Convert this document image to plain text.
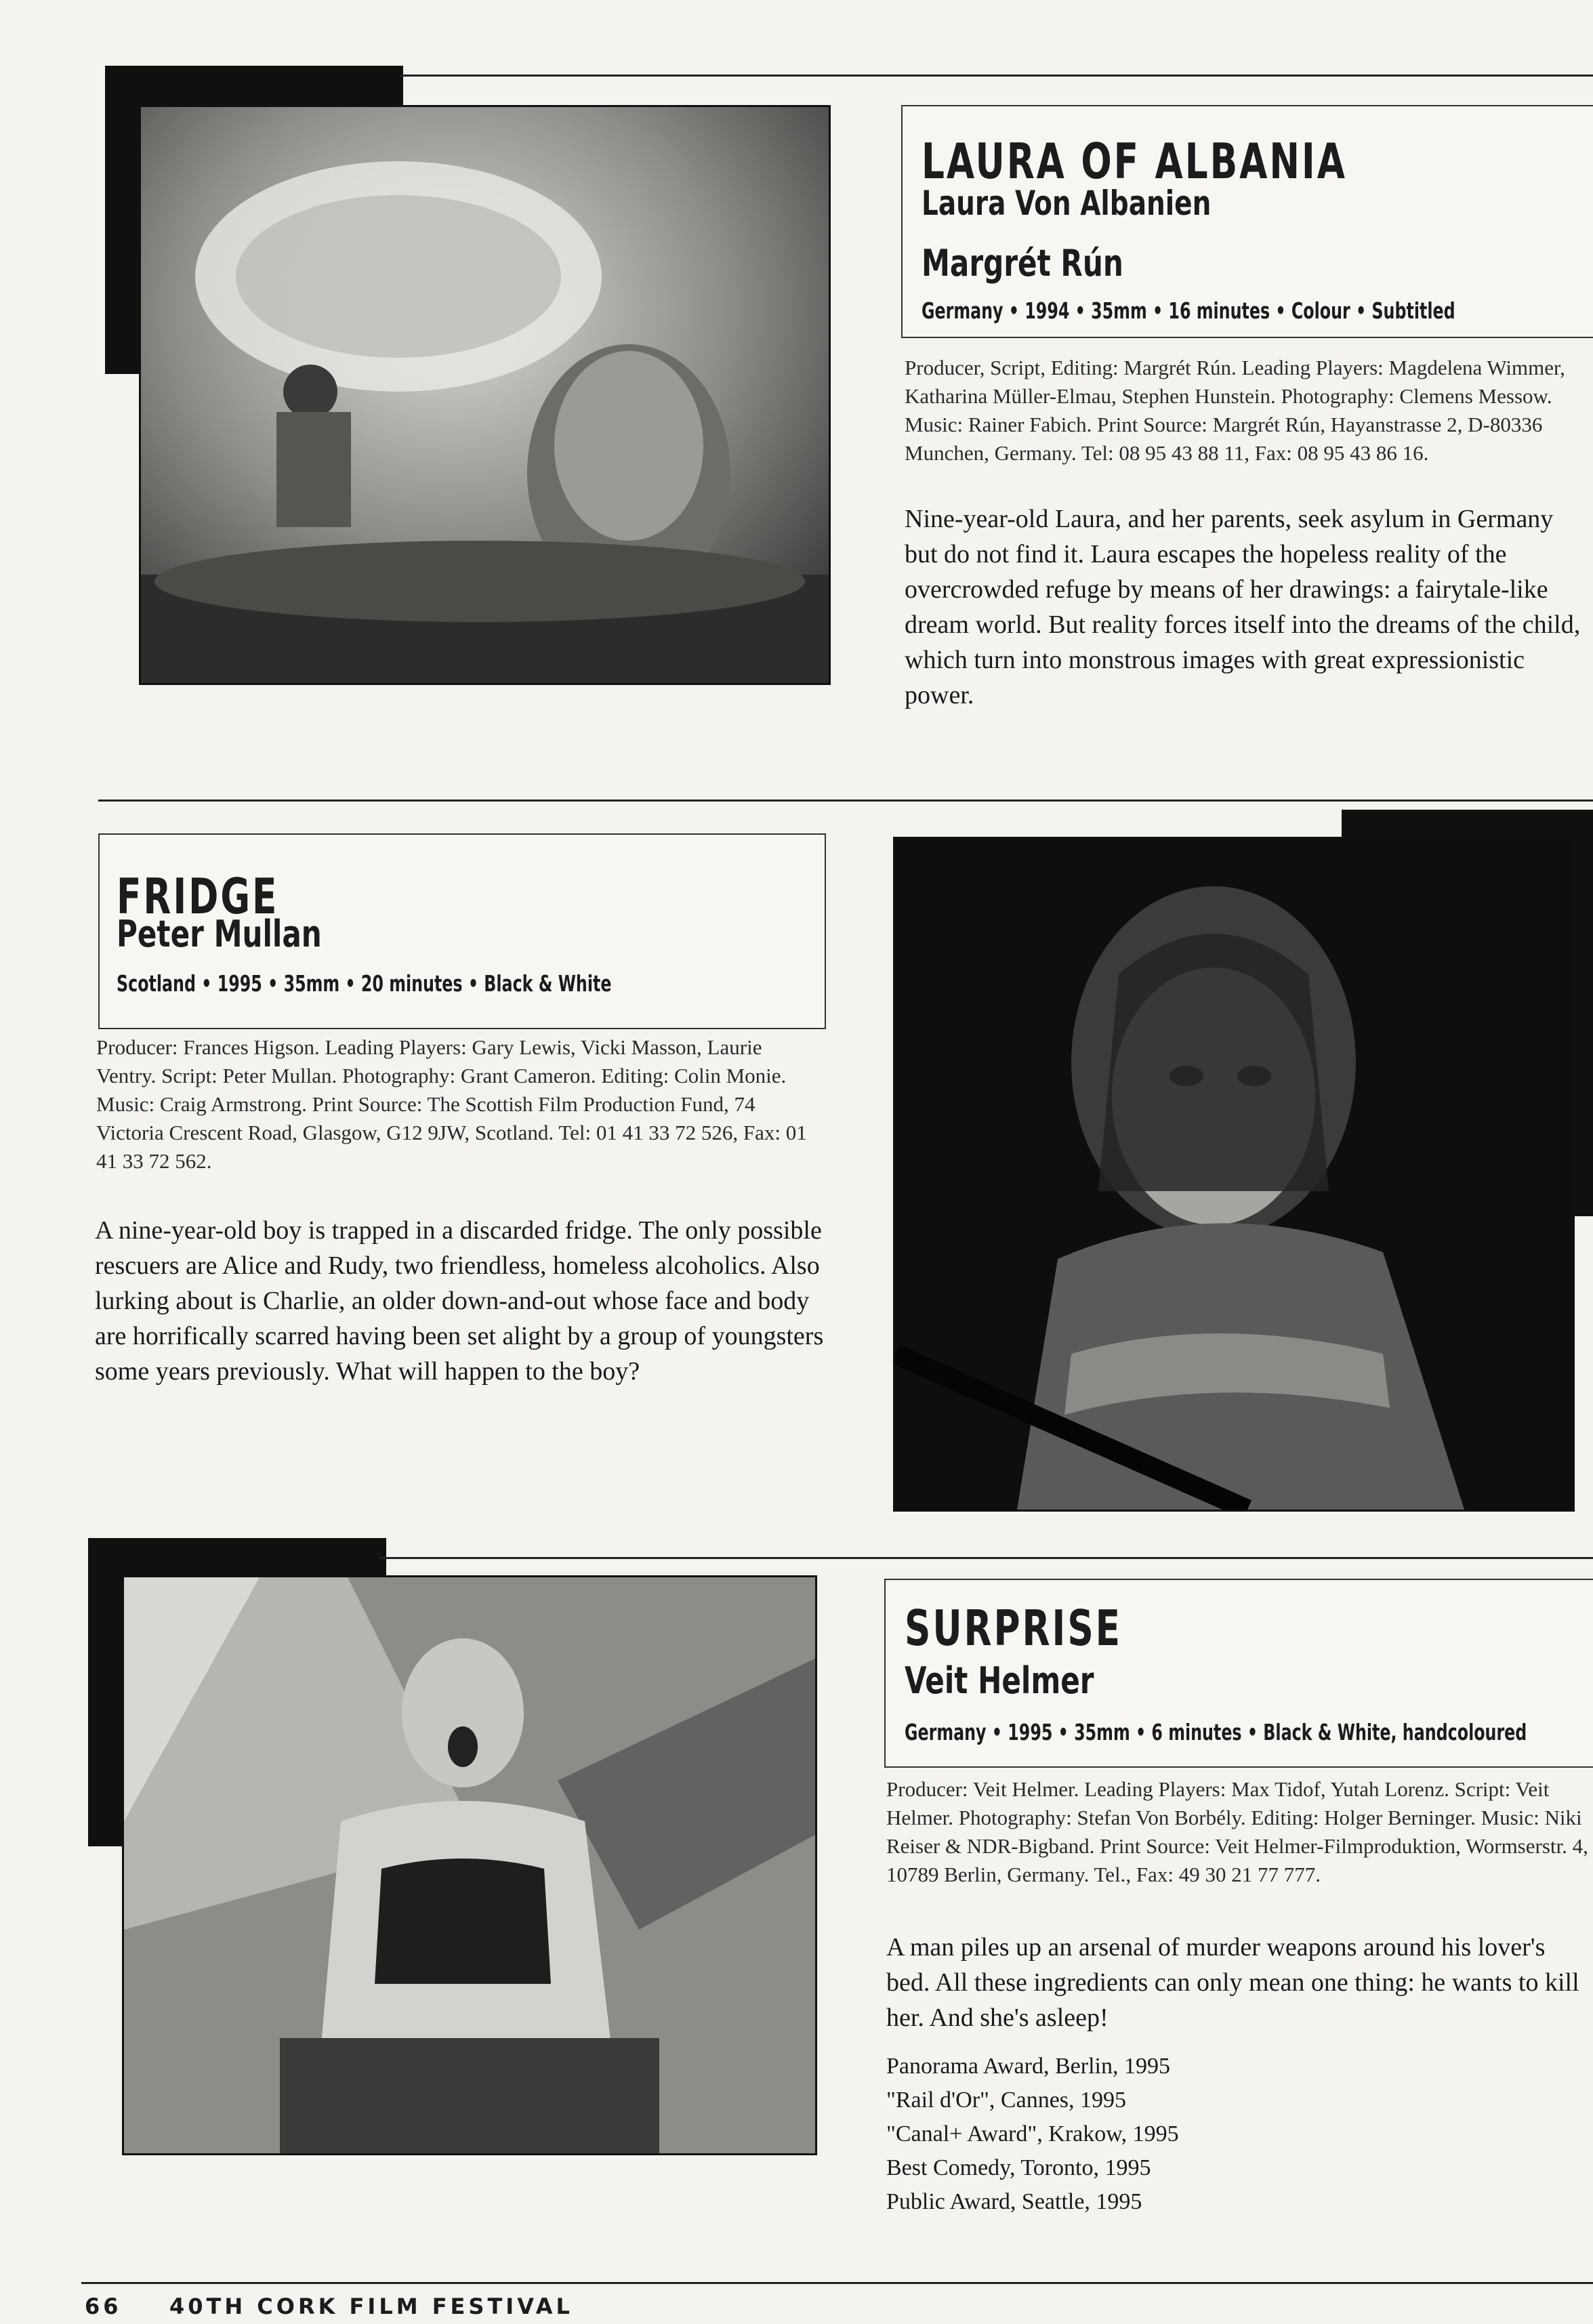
LAURA OF ALBANIA
Laura Von Albanien
Margrét Rún
Germany • 1994 • 35mm • 16 minutes • Colour • Subtitled
Producer, Script, Editing: Margrét Rún. Leading Players: Magdelena Wimmer, Katharina Müller-Elmau, Stephen Hunstein. Photography: Clemens Messow. Music: Rainer Fabich. Print Source: Margrét Rún, Hayanstrasse 2, D-80336 Munchen, Germany. Tel: 08 95 43 88 11, Fax: 08 95 43 86 16.
Nine-year-old Laura, and her parents, seek asylum in Germany but do not find it. Laura escapes the hopeless reality of the overcrowded refuge by means of her drawings: a fairytale-like dream world. But reality forces itself into the dreams of the child, which turn into monstrous images with great expressionistic power.
FRIDGE
Peter Mullan
Scotland • 1995 • 35mm • 20 minutes • Black & White
Producer: Frances Higson. Leading Players: Gary Lewis, Vicki Masson, Laurie Ventry. Script: Peter Mullan. Photography: Grant Cameron. Editing: Colin Monie. Music: Craig Armstrong. Print Source: The Scottish Film Production Fund, 74 Victoria Crescent Road, Glasgow, G12 9JW, Scotland. Tel: 01 41 33 72 526, Fax: 01 41 33 72 562.
A nine-year-old boy is trapped in a discarded fridge. The only possible rescuers are Alice and Rudy, two friendless, homeless alcoholics. Also lurking about is Charlie, an older down-and-out whose face and body are horrifically scarred having been set alight by a group of youngsters some years previously. What will happen to the boy?
SURPRISE
Veit Helmer
Germany • 1995 • 35mm • 6 minutes • Black & White, handcoloured
Producer: Veit Helmer. Leading Players: Max Tidof, Yutah Lorenz. Script: Veit Helmer. Photography: Stefan Von Borbély. Editing: Holger Berninger. Music: Niki Reiser & NDR-Bigband. Print Source: Veit Helmer-Filmproduktion, Wormserstr. 4, 10789 Berlin, Germany. Tel., Fax: 49 30 21 77 777.
A man piles up an arsenal of murder weapons around his lover's bed. All these ingredients can only mean one thing: he wants to kill her. And she's asleep!
Panorama Award, Berlin, 1995
"Rail d'Or", Cannes, 1995
"Canal+ Award", Krakow, 1995
Best Comedy, Toronto, 1995
Public Award, Seattle, 1995
66 40TH CORK FILM FESTIVAL
